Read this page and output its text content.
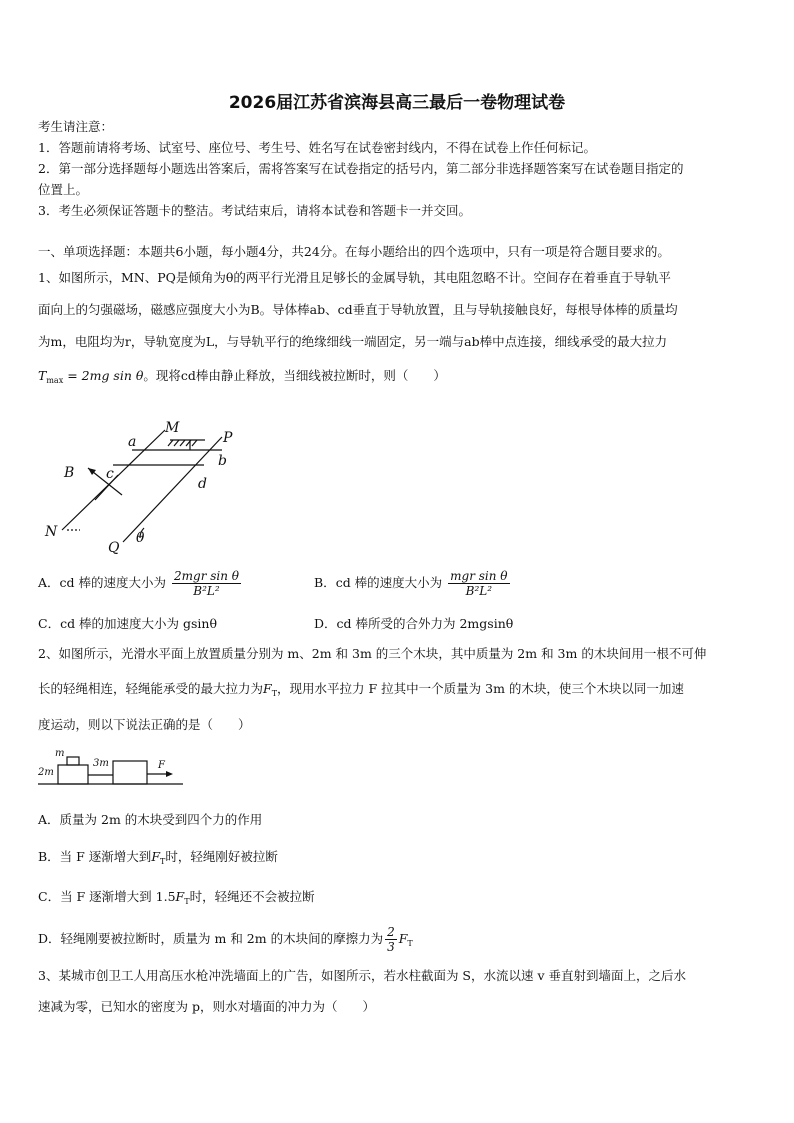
2026届江苏省滨海县高三最后一卷物理试卷
考生请注意：
1．答题前请将考场、试室号、座位号、考生号、姓名写在试卷密封线内，不得在试卷上作任何标记。
2．第一部分选择题每小题选出答案后，需将答案写在试卷指定的括号内，第二部分非选择题答案写在试卷题目指定的
位置上。
3．考生必须保证答题卡的整洁。考试结束后，请将本试卷和答题卡一并交回。
一、单项选择题：本题共6小题，每小题4分，共24分。在每小题给出的四个选项中，只有一项是符合题目要求的。
1、如图所示，MN、PQ是倾角为θ的两平行光滑且足够长的金属导轨，其电阻忽略不计。空间存在着垂直于导轨平
面向上的匀强磁场，磁感应强度大小为B。导体棒ab、cd垂直于导轨放置，且与导轨接触良好，每根导体棒的质量均
为m，电阻均为r，导轨宽度为L，与导轨平行的绝缘细线一端固定，另一端与ab棒中点连接，细线承受的最大拉力
$T_{max} = 2mg$ sin θ。现将cd棒由静止释放，当细线被拉断时，则（　　）
M
P
a
b
c
d
B
N
Q
θ
A．cd 棒的速度大小为 $\frac{\text{2mgr sin θ}}{\text{B²L²}}$	B．cd 棒的速度大小为 $\frac{\text{mgr sin θ}}{\text{B²L²}}$
C．cd 棒的加速度大小为 gsinθ	D．cd 棒所受的合外力为 2mgsinθ
2、如图所示，光滑水平面上放置质量分别为 m、2m 和 3m 的三个木块，其中质量为 2m 和 3m 的木块间用一根不可伸
长的轻绳相连，轻绳能承受的最大拉力为$F_T$，现用水平拉力 F 拉其中一个质量为 3m 的木块，使三个木块以同一加速
度运动，则以下说法正确的是（　　）
m
2m
3m	F
A．质量为 2m 的木块受到四个力的作用
B．当 F 逐渐增大到$F_T$时，轻绳刚好被拉断
C．当 F 逐渐增大到 $1.5F_T$时，轻绳还不会被拉断
D．轻绳刚要被拉断时，质量为 m 和 2m 的木块间的摩擦力为 $\frac{2}{3} F_T$
3、某城市创卫工人用高压水枪冲洗墙面上的广告，如图所示，若水柱截面为 S，水流以速 v 垂直射到墙面上，之后水
速减为零，已知水的密度为 p，则水对墙面的冲力为（　　）
